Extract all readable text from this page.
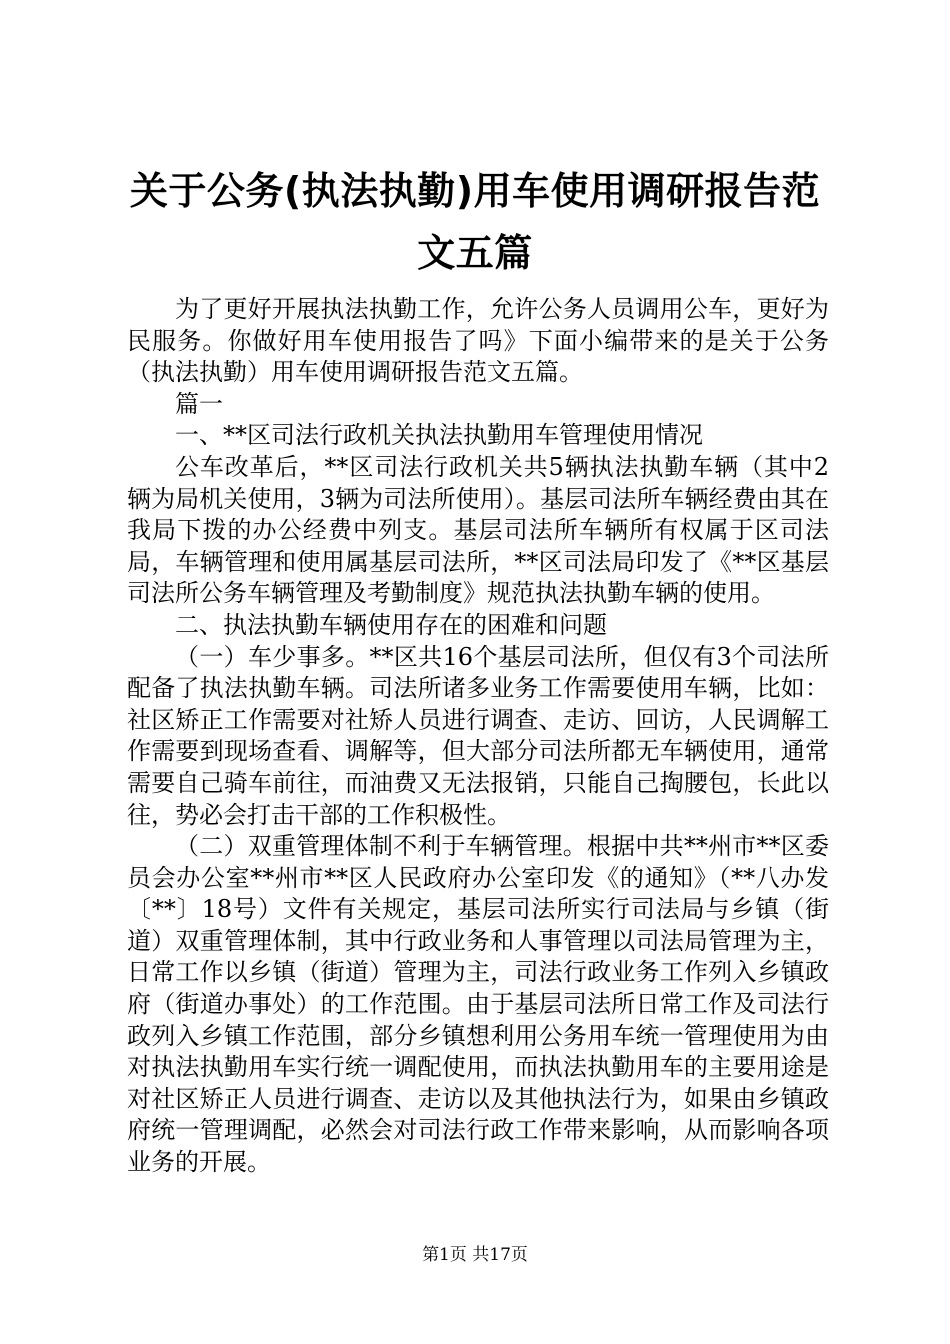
关于公务(执法执勤)用车使用调研报告范文五篇

为了更好开展执法执勤工作，允许公务人员调用公车，更好为民服务。你做好用车使用报告了吗》下面小编带来的是关于公务（执法执勤）用车使用调研报告范文五篇。

篇一

一、**区司法行政机关执法执勤用车管理使用情况

公车改革后，**区司法行政机关共5辆执法执勤车辆（其中2辆为局机关使用，3辆为司法所使用）。基层司法所车辆经费由其在我局下拨的办公经费中列支。基层司法所车辆所有权属于区司法局，车辆管理和使用属基层司法所，**区司法局印发了《**区基层司法所公务车辆管理及考勤制度》规范执法执勤车辆的使用。

二、执法执勤车辆使用存在的困难和问题

（一）车少事多。**区共16个基层司法所，但仅有3个司法所配备了执法执勤车辆。司法所诸多业务工作需要使用车辆，比如：社区矫正工作需要对社矫人员进行调查、走访、回访，人民调解工作需要到现场查看、调解等，但大部分司法所都无车辆使用，通常需要自己骑车前往，而油费又无法报销，只能自己掏腰包，长此以往，势必会打击干部的工作积极性。

（二）双重管理体制不利于车辆管理。根据中共**州市**区委员会办公室**州市**区人民政府办公室印发《的通知》（**八办发〔**〕18号）文件有关规定，基层司法所实行司法局与乡镇（街道）双重管理体制，其中行政业务和人事管理以司法局管理为主，日常工作以乡镇（街道）管理为主，司法行政业务工作列入乡镇政府（街道办事处）的工作范围。由于基层司法所日常工作及司法行政列入乡镇工作范围，部分乡镇想利用公务用车统一管理使用为由对执法执勤用车实行统一调配使用，而执法执勤用车的主要用途是对社区矫正人员进行调查、走访以及其他执法行为，如果由乡镇政府统一管理调配，必然会对司法行政工作带来影响，从而影响各项业务的开展。

第1页 共17页
